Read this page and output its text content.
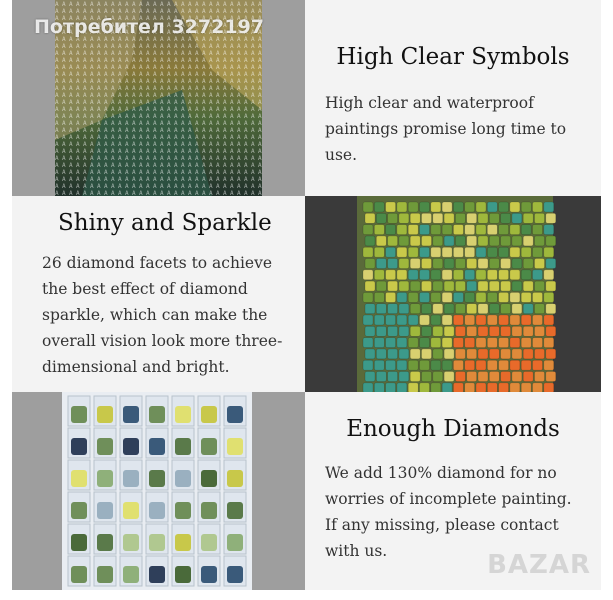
Потребител 3272197
High Clear Symbols

High clear and waterproof paintings promise long time to use.

Shiny and Sparkle

26 diamond facets to achieve the best effect of diamond sparkle, which can make the overall vision look more three-dimensional and bright.

Enough Diamonds

We add 130% diamond for no worries of incomplete painting. If any missing, please contact with us.	BAZAR
